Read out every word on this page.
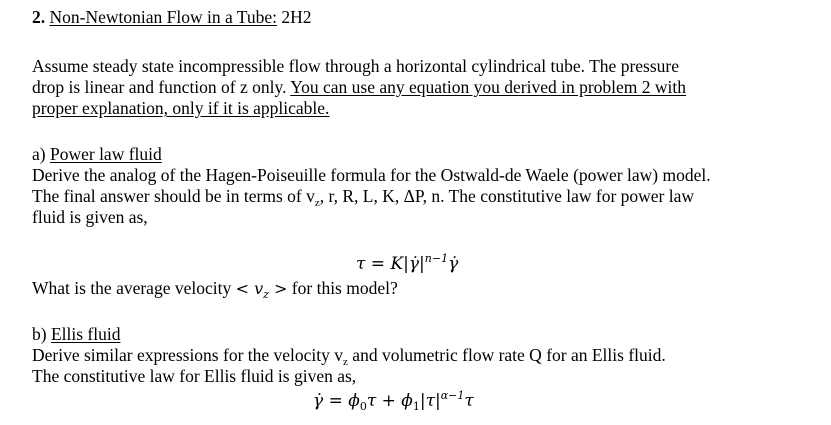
2. Non-Newtonian Flow in a Tube: 2H2
Assume steady state incompressible flow through a horizontal cylindrical tube. The pressure
drop is linear and function of z only. You can use any equation you derived in problem 2 with
proper explanation, only if it is applicable.
a) Power law fluid
Derive the analog of the Hagen-Poiseuille formula for the Ostwald-de Waele (power law) model.
The final answer should be in terms of $v_z$, r, R, L, K, ΔP, n. The constitutive law for power law
fluid is given as,
$\tau = K|\gammȧ|^{n-1}\gammȧ$
What is the average velocity < $v_z$ > for this model?
b) Ellis fluid
Derive similar expressions for the velocity $v_z$ and volumetric flow rate Q for an Ellis fluid.
The constitutive law for Ellis fluid is given as,
γ̇ = $\phi_0\tau + \phi_1|\tau|^{\alpha-1}\tau$
